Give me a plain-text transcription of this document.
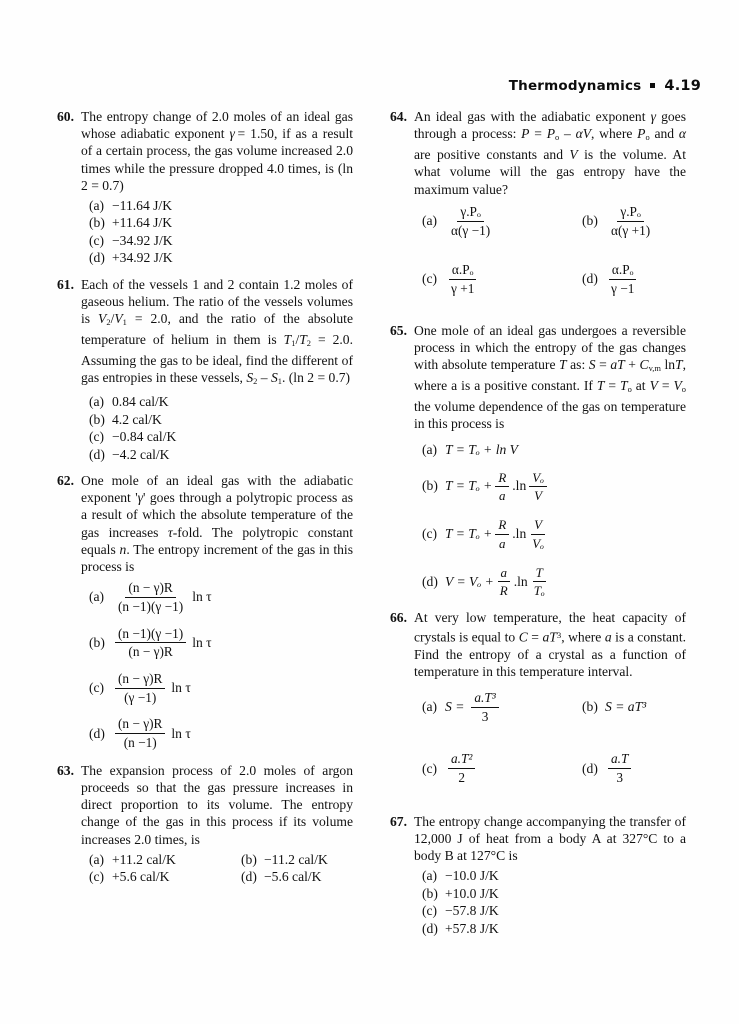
Thermodynamics 4.19
60. The entropy change of 2.0 moles of an ideal gas whose adiabatic exponent γ = 1.50, if as a result of a certain process, the gas volume increased 2.0 times while the pressure dropped 4.0 times, is (ln 2 = 0.7)
(a) −11.64 J/K
(b) +11.64 J/K
(c) −34.92 J/K
(d) +34.92 J/K
61. Each of the vessels 1 and 2 contain 1.2 moles of gaseous helium. The ratio of the vessels volumes is $V_2/V_1 = 2.0$, and the ratio of the absolute temperature of helium in them is $T_1/T_2 = 2.0$. Assuming the gas to be ideal, find the different of gas entropies in these vessels, $S_2 - S_1$. (ln 2 = 0.7)
(a) 0.84 cal/K
(b) 4.2 cal/K
(c) −0.84 cal/K
(d) −4.2 cal/K
62. One mole of an ideal gas with the adiabatic exponent 'γ' goes through a polytropic process as a result of which the absolute temperature of the gas increases τ-fold. The polytropic constant equals n. The entropy increment of the gas in this process is
$(a) \frac{(n - \gamma)R}{(n -1)(\gamma -1)}$ ln τ
$(b) \frac{(n -1)(\gamma -1)}{(n - \gamma)R}$ ln τ
$(c) \frac{(n - \gamma)R}{(\gamma -1)}$ ln τ
$(d) \frac{(n - \gamma)R}{(n -1)}$ ln τ
63. The expansion process of 2.0 moles of argon proceeds so that the gas pressure increases in direct proportion to its volume. The entropy change of the gas in this process if its volume increases 2.0 times, is
(a) +11.2 cal/K	(b) −11.2 cal/K
(c) +5.6 cal/K	(d) −5.6 cal/K
64. An ideal gas with the adiabatic exponent γ goes through a process: $P = P_o - \alpha V$, where $P_o$ and α are positive constants and V is the volume. At what volume will the gas entropy have the maximum value?
$(a) \frac{\text{γ.Pₒ}}{\alpha(\gamma -1)}$	$(b) \frac{\text{γ.Pₒ}}{\alpha(\gamma +1)}$
$(c) \frac{\text{α.Pₒ}}{\gamma +1}$	$(d) \frac{\text{α.Pₒ}}{\gamma -1}$
65. One mole of an ideal gas undergoes a reversible process in which the entropy of the gas changes with absolute temperature T as: S = aT + $C_{v,m}$ lnT, where a is a positive constant. If $T = T_o$ at $V = V_o$ the volume dependence of the gas on temperature in this process is
(a) T = Tₒ + ln V
(b) $T = T_o + \frac{R}{a} .\ln \frac{\text{Vₒ}}{V}$
(c) $T = T_o + \frac{R}{a} .\ln \frac{V}{\text{Vₒ}}$
(d) $V = V_o + \frac{a}{R} .\ln \frac{T}{\text{Tₒ}}$
66. At very low temperature, the heat capacity of crystals is equal to $C = aT^3$, where a is a constant. Find the entropy of a crystal as a function of temperature in this temperature interval.
(a) $S = \frac{\text{a.T³}}{3}$	(b) S = aT³
$(c) \frac{\text{a.T²}}{2}$	$(d) \frac{a.T}{3}$
67. The entropy change accompanying the transfer of 12,000 J of heat from a body A at 327°C to a body B at 127°C is
(a) −10.0 J/K
(b) +10.0 J/K
(c) −57.8 J/K
(d) +57.8 J/K
